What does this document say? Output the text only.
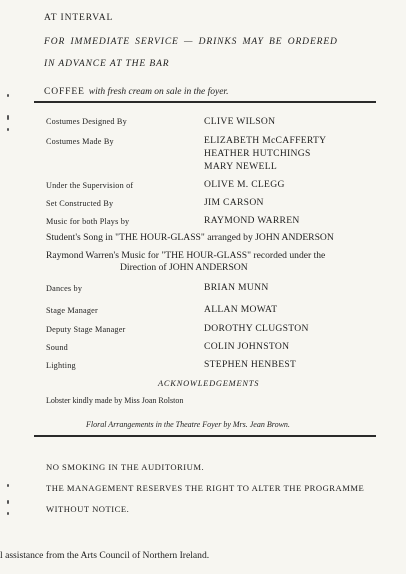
AT INTERVAL
FOR IMMEDIATE SERVICE — DRINKS MAY BE ORDERED
IN ADVANCE AT THE BAR
COFFEE with fresh cream on sale in the foyer.
Costumes Designed By	CLIVE WILSON
Costumes Made By	ELIZABETH McCAFFERTY
HEATHER HUTCHINGS
MARY NEWELL
Under the Supervision of	OLIVE M. CLEGG
Set Constructed By	JIM CARSON
Music for both Plays by	RAYMOND WARREN
Student's Song in "THE HOUR-GLASS" arranged by JOHN ANDERSON
Raymond Warren's Music for "THE HOUR-GLASS" recorded under the
Direction of JOHN ANDERSON
Dances by	BRIAN MUNN
Stage Manager	ALLAN MOWAT
Deputy Stage Manager	DOROTHY CLUGSTON
Sound	COLIN JOHNSTON
Lighting	STEPHEN HENBEST
ACKNOWLEDGEMENTS
Lobster kindly made by Miss Joan Rolston
Floral Arrangements in the Theatre Foyer by Mrs. Jean Brown.
NO SMOKING IN THE AUDITORIUM.
THE MANAGEMENT RESERVES THE RIGHT TO ALTER THE PROGRAMME
WITHOUT NOTICE.
l assistance from the Arts Council of Northern Ireland.
